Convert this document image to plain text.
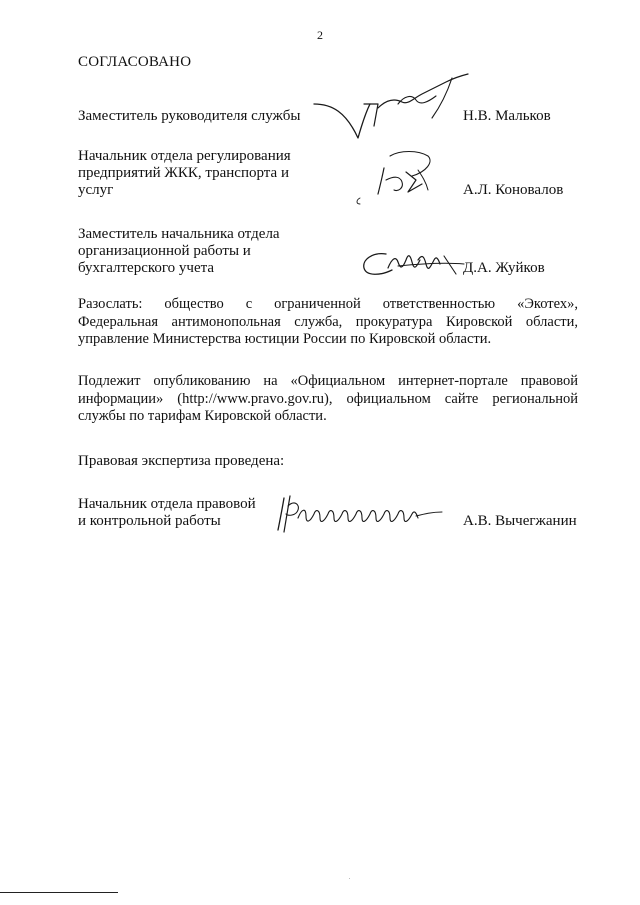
2
СОГЛАСОВАНО
Заместитель руководителя службы	Н.В. Мальков
Начальник отдела регулирования
предприятий ЖКК, транспорта и
услуг	А.Л. Коновалов
Заместитель начальника отдела
организационной работы и
бухгалтерского учета	Д.А. Жуйков
Разослать: общество с ограниченной ответственностью «Экотех»,
Федеральная антимонопольная служба, прокуратура Кировской области,
управление Министерства юстиции России по Кировской области.
Подлежит опубликованию на «Официальном интернет-портале правовой
информации» (http://www.pravo.gov.ru), официальном сайте региональной
службы по тарифам Кировской области.
Правовая экспертиза проведена:
Начальник отдела правовой
и контрольной работы	А.В. Вычегжанин
